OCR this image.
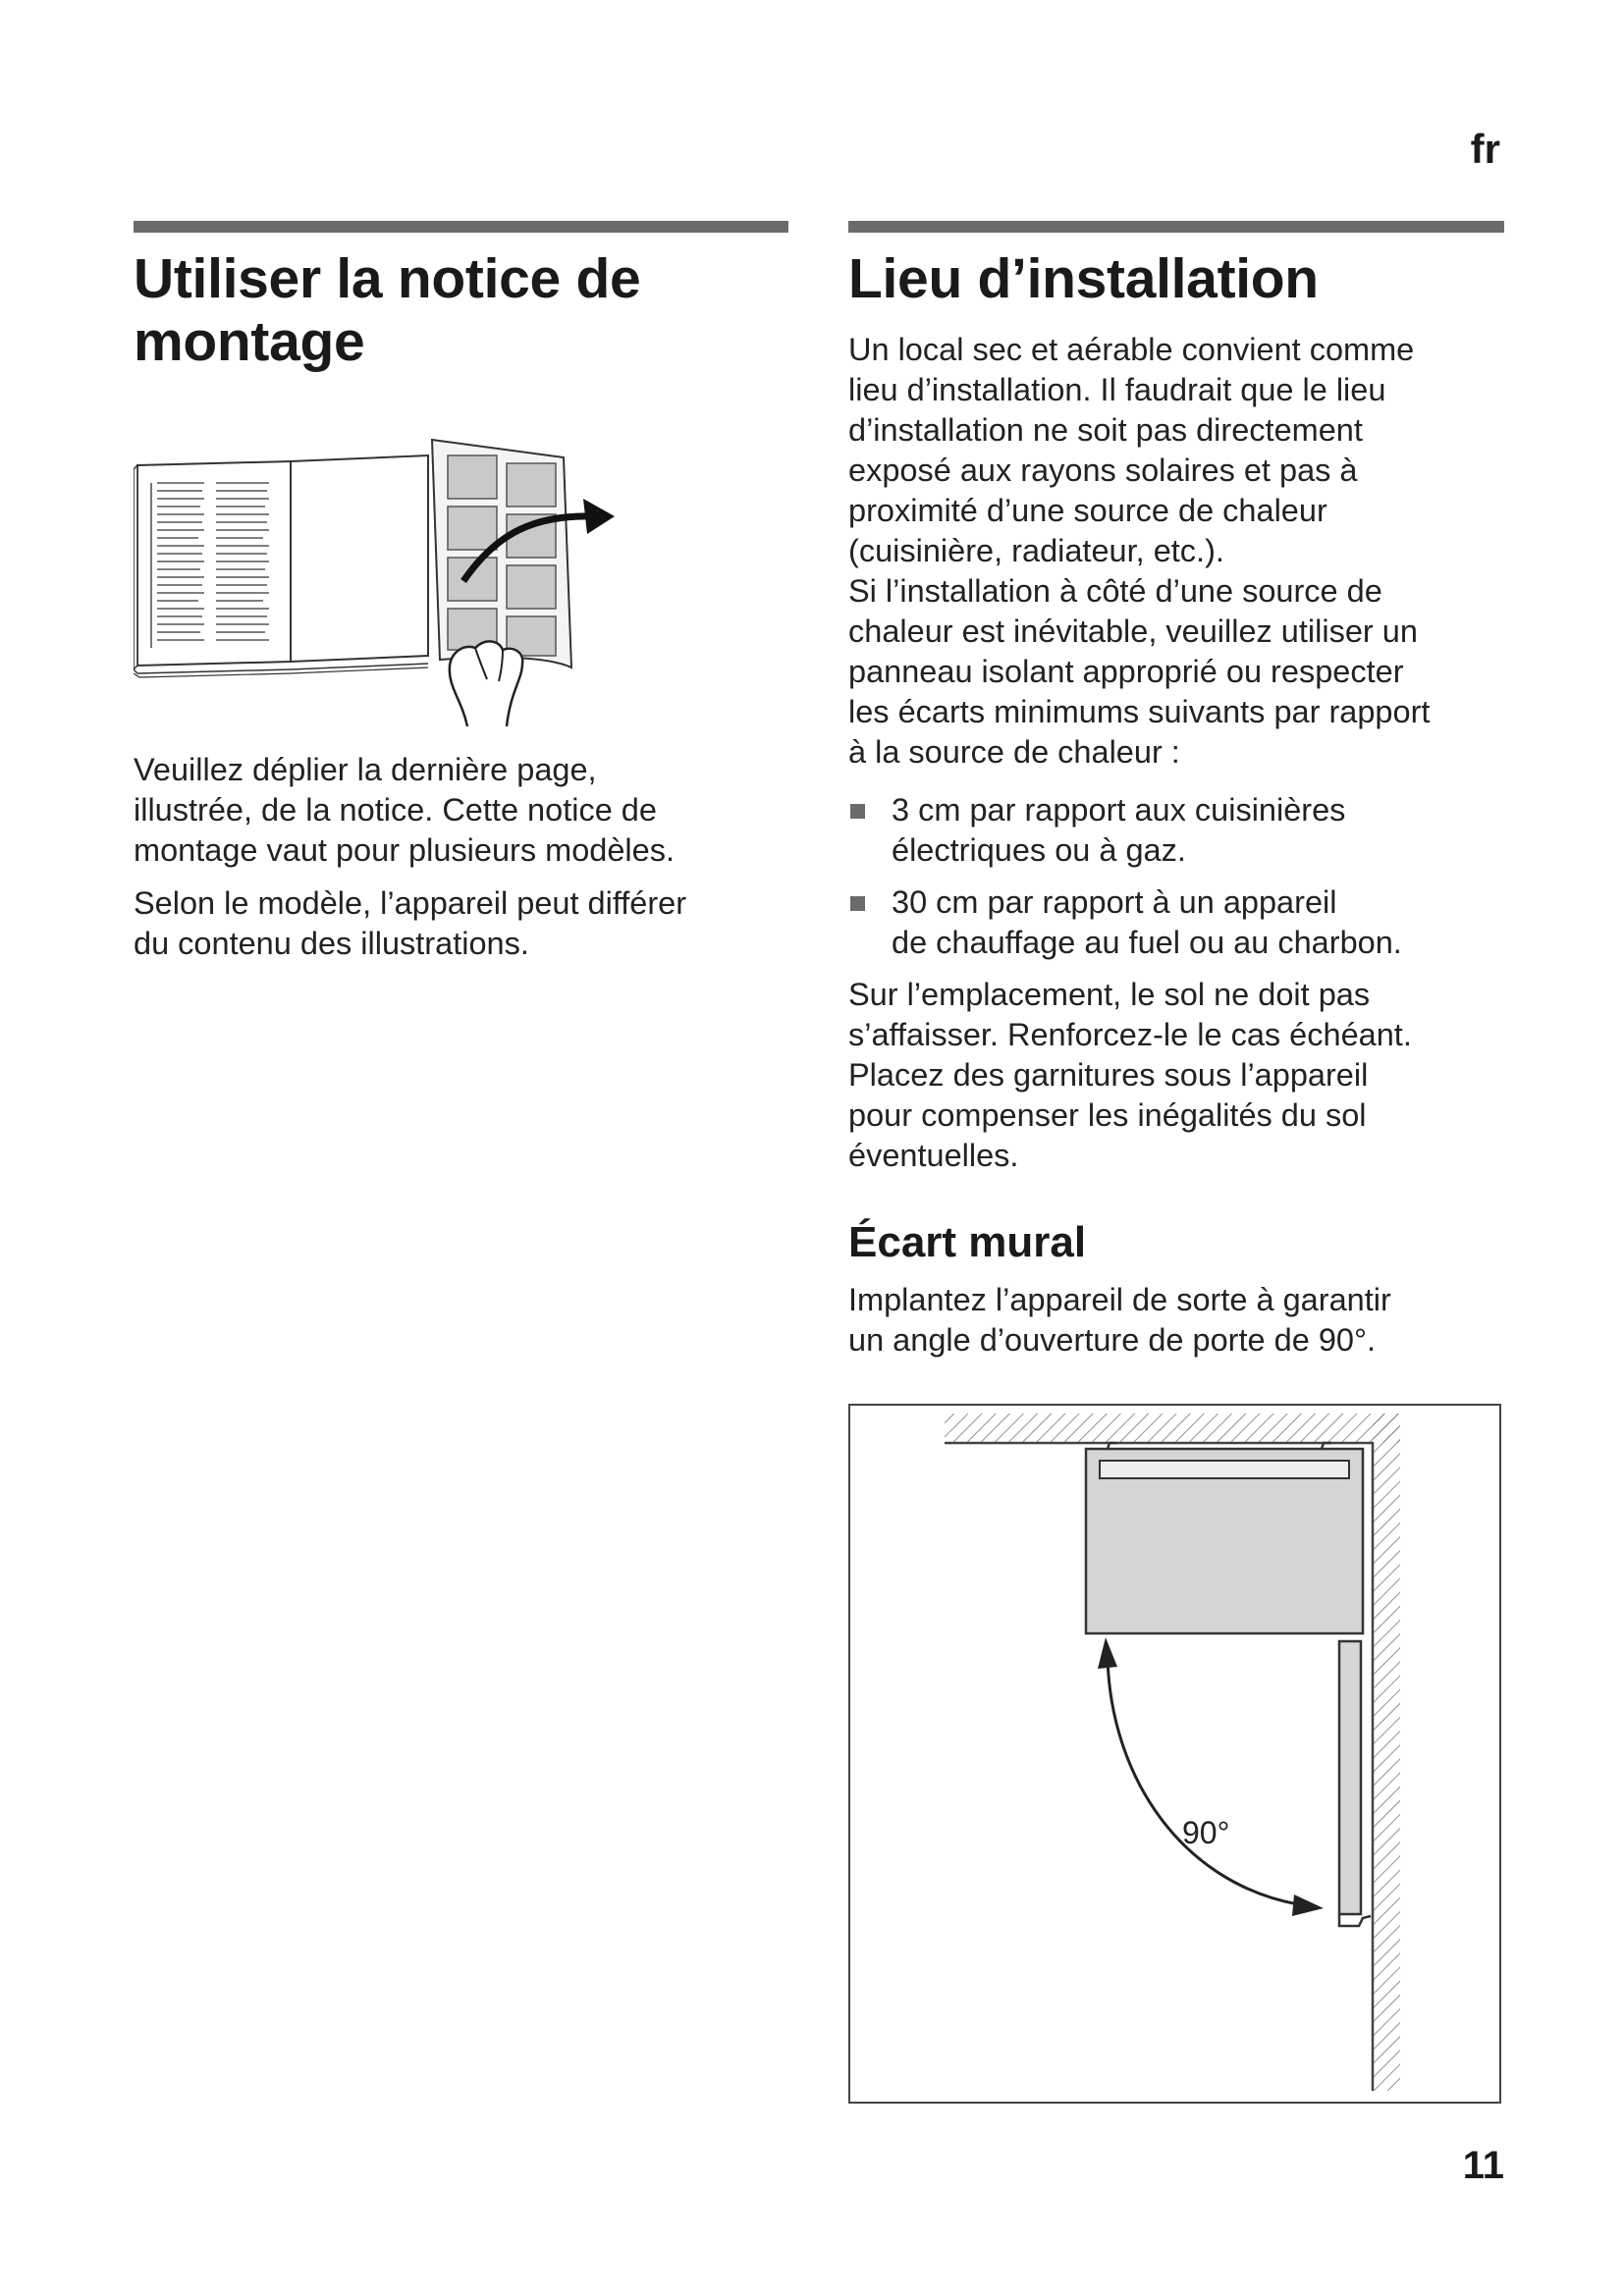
fr
Utiliser la notice de
montage

Veuillez déplier la dernière page,
illustrée, de la notice. Cette notice de
montage vaut pour plusieurs modèles.

Selon le modèle, l’appareil peut différer
du contenu des illustrations.

Lieu d’installation

Un local sec et aérable convient comme
lieu d’installation. Il faudrait que le lieu
d’installation ne soit pas directement
exposé aux rayons solaires et pas à
proximité d’une source de chaleur
(cuisinière, radiateur, etc.).
Si l’installation à côté d’une source de
chaleur est inévitable, veuillez utiliser un
panneau isolant approprié ou respecter
les écarts minimums suivants par rapport
à la source de chaleur :

3 cm par rapport aux cuisinières
électriques ou à gaz.
30 cm par rapport à un appareil
de chauffage au fuel ou au charbon.

Sur l’emplacement, le sol ne doit pas
s’affaisser. Renforcez-le le cas échéant.
Placez des garnitures sous l’appareil
pour compenser les inégalités du sol
éventuelles.

Écart mural

Implantez l’appareil de sorte à garantir
un angle d’ouverture de porte de 90°.

90°
11
